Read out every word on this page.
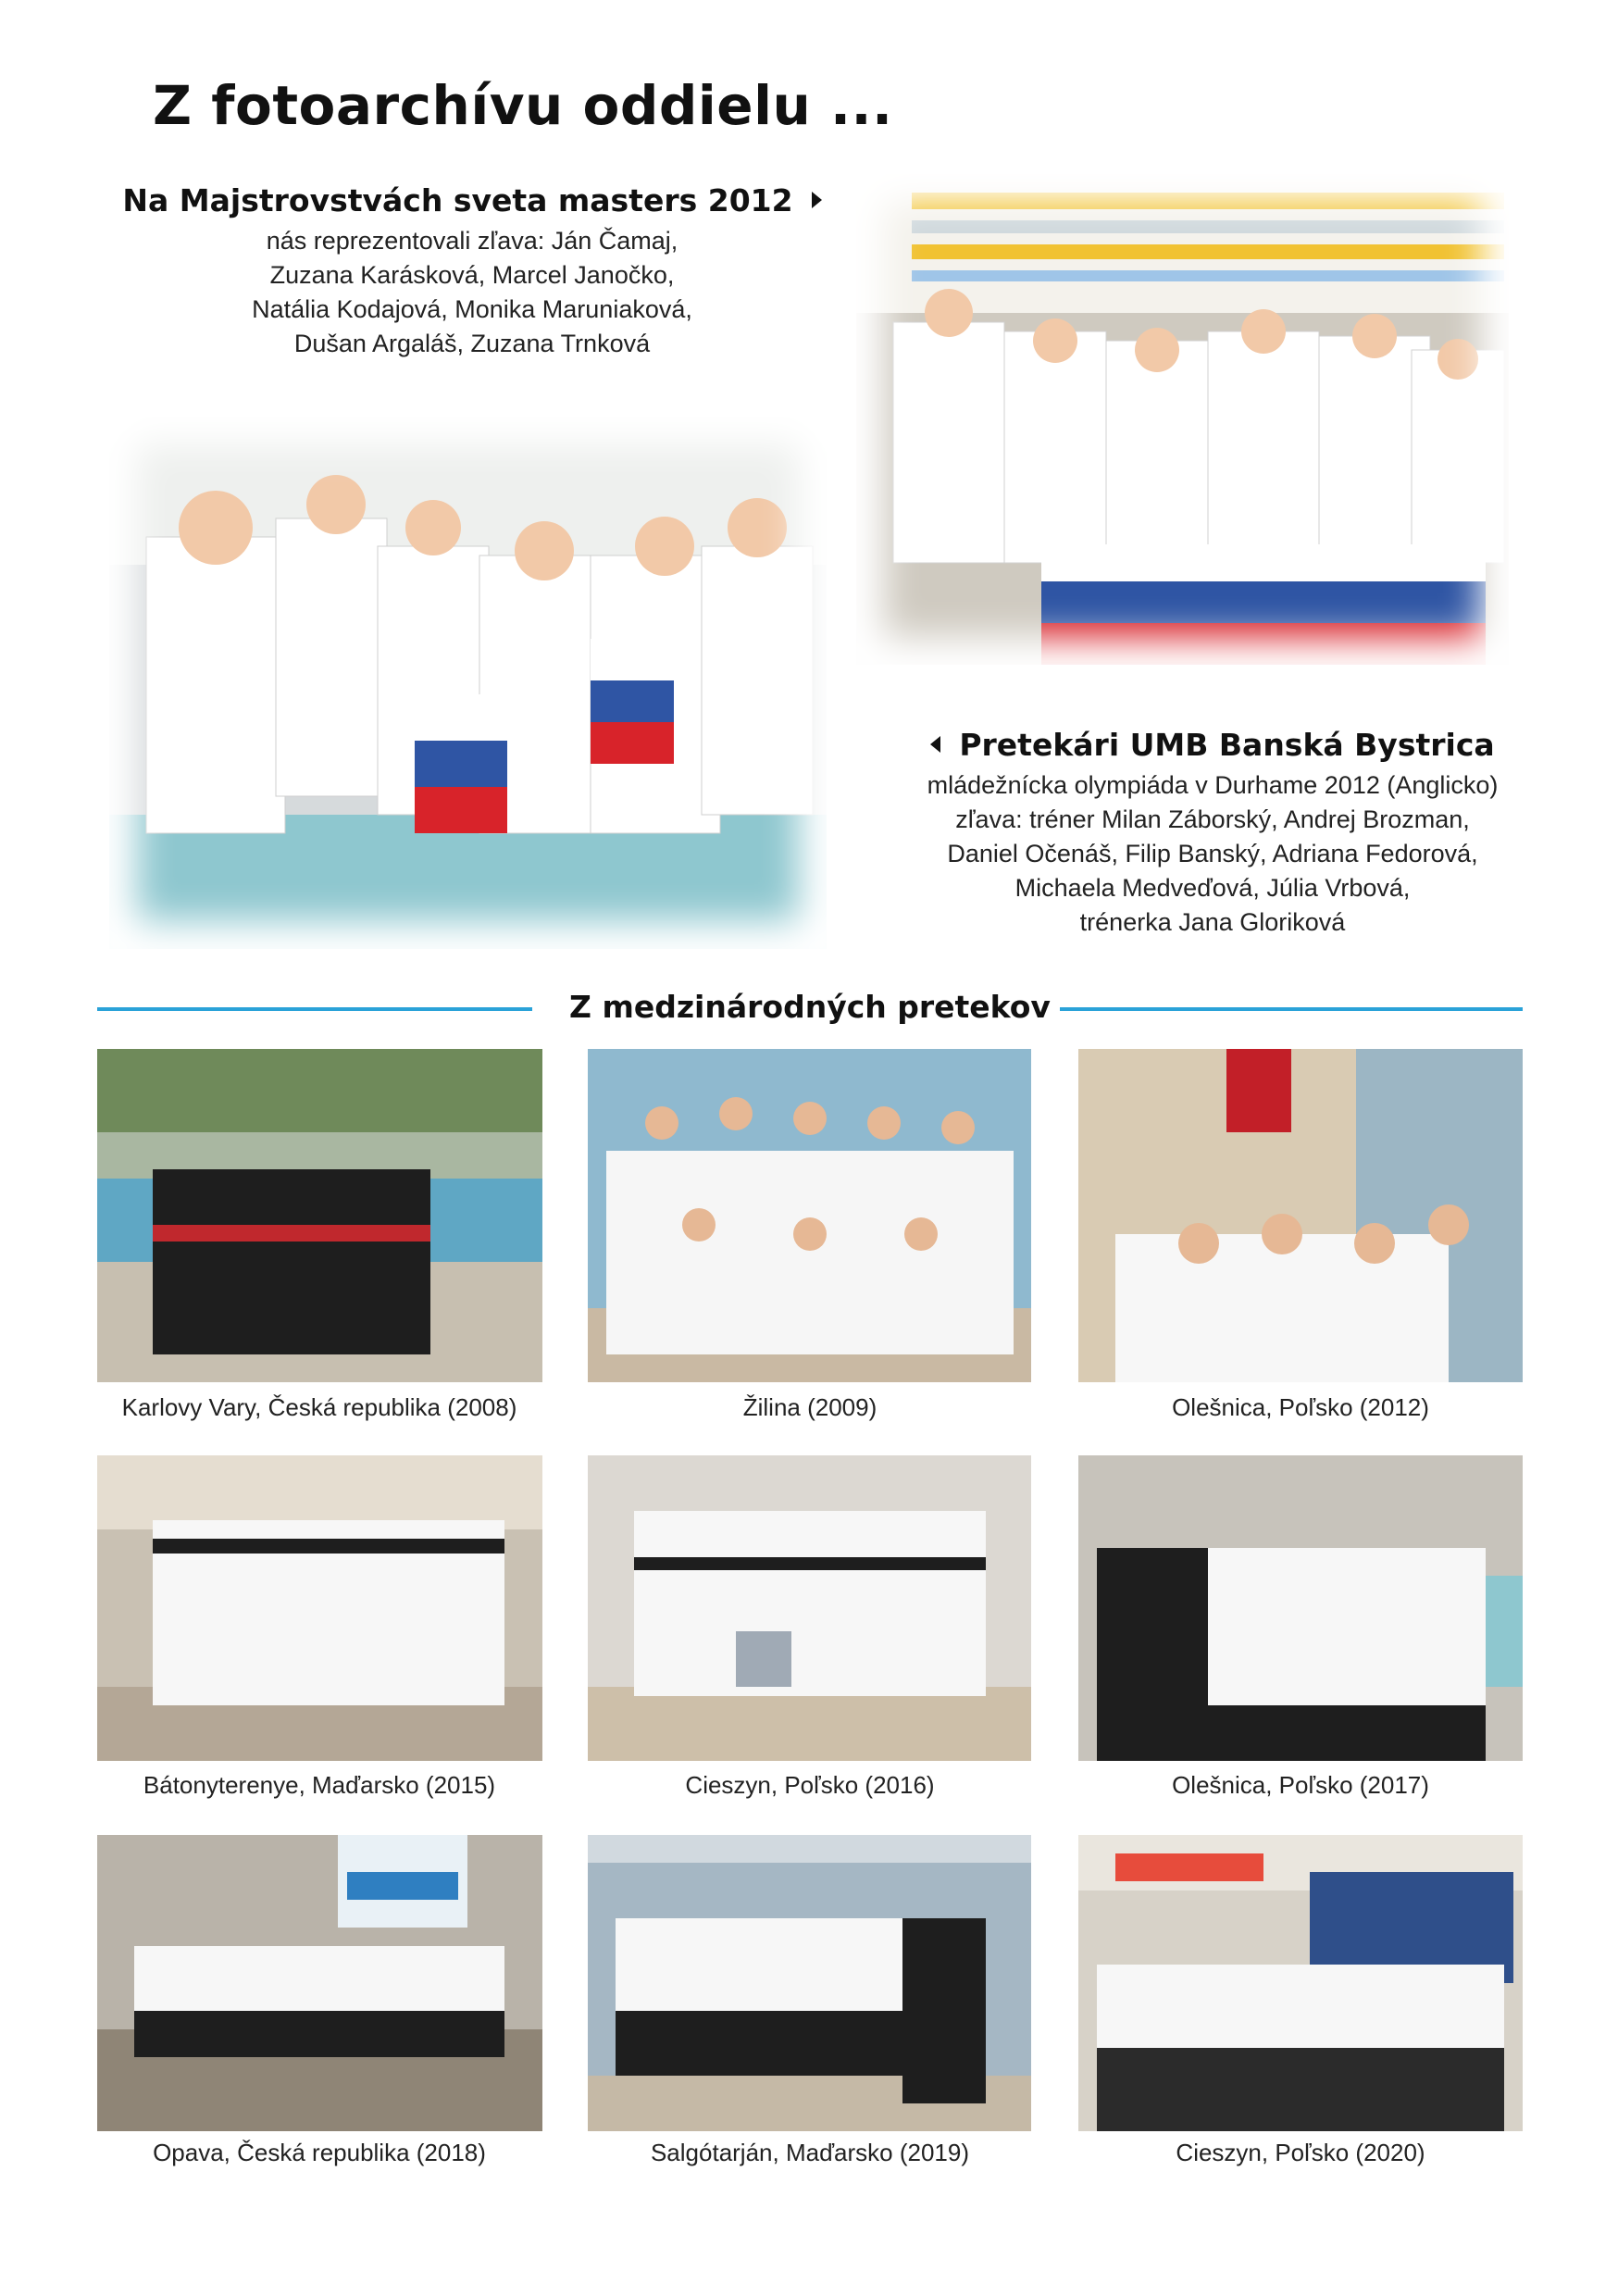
Z fotoarchívu oddielu ...
Na Majstrovstvách sveta masters 2012
nás reprezentovali zľava: Ján Čamaj,
Zuzana Karásková, Marcel Janočko,
Natália Kodajová, Monika Maruniaková,
Dušan Argaláš, Zuzana Trnková
Pretekári UMB Banská Bystrica
mládežnícka olympiáda v Durhame 2012 (Anglicko)
zľava: tréner Milan Záborský, Andrej Brozman,
Daniel Očenáš, Filip Banský, Adriana Fedorová,
Michaela Medveďová, Júlia Vrbová,
trénerka Jana Gloriková
Z medzinárodných pretekov
Karlovy Vary, Česká republika (2008)	Žilina (2009)	Olešnica, Poľsko (2012)
Bátonyterenye, Maďarsko (2015)	Cieszyn, Poľsko (2016)	Olešnica, Poľsko (2017)
Opava, Česká republika (2018)	Salgótarján, Maďarsko (2019)	Cieszyn, Poľsko (2020)
